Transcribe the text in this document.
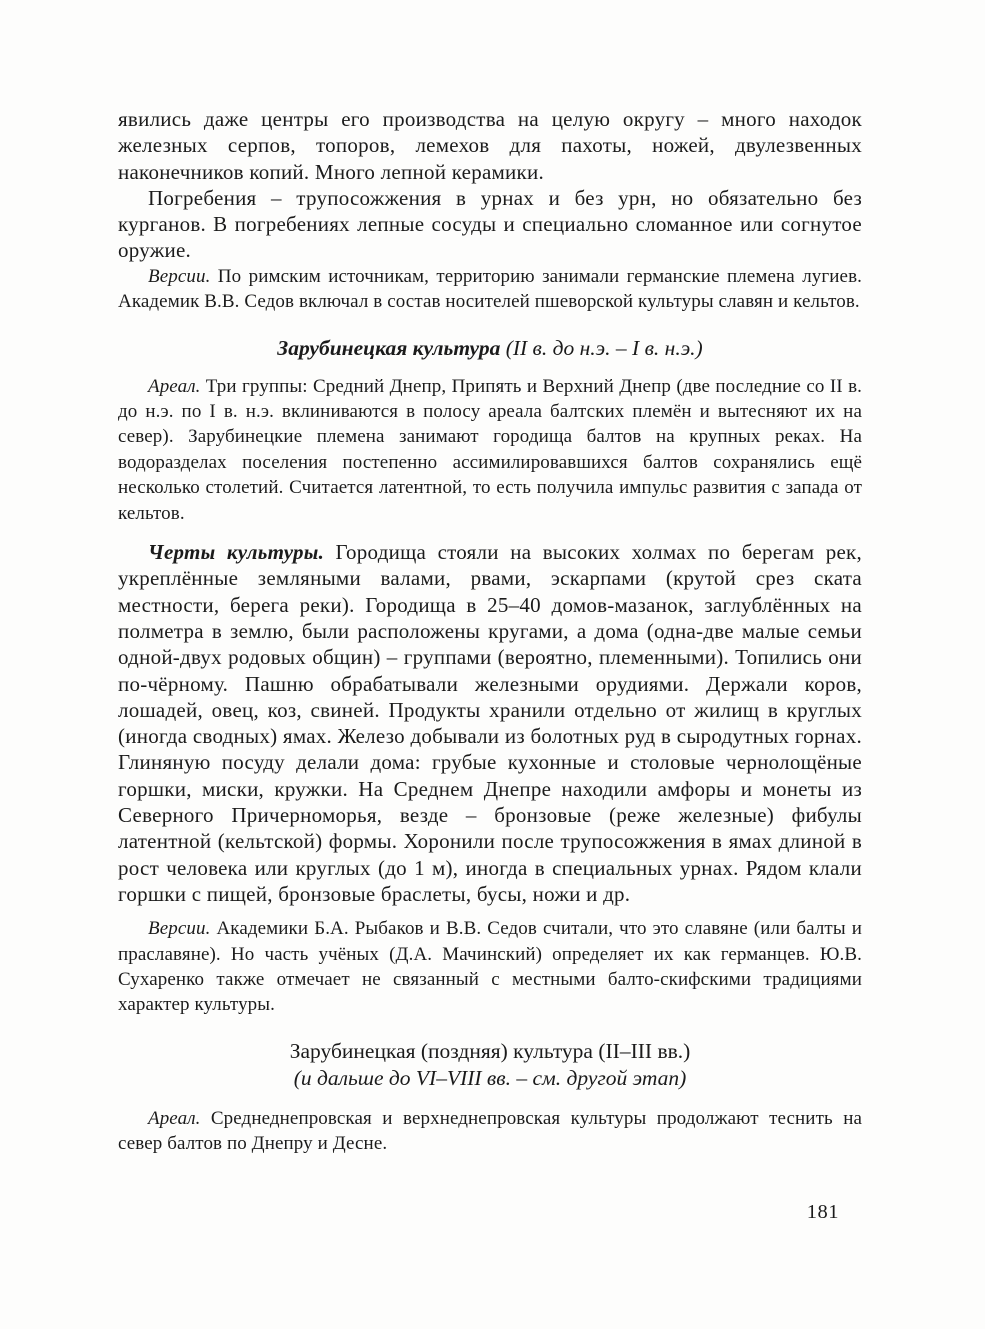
явились даже центры его производства на целую округу – много находок железных серпов, топоров, лемехов для пахоты, ножей, двулезвенных наконечников копий. Много лепной керамики.

Погребения – трупосожжения в урнах и без урн, но обязательно без курганов. В погребениях лепные сосуды и специально сломанное или согнутое оружие.

Версии. По римским источникам, территорию занимали германские племена лугиев. Академик В.В. Седов включал в состав носителей пшеворской культуры славян и кельтов.

Зарубинецкая культура (II в. до н.э. – I в. н.э.)

Ареал. Три группы: Средний Днепр, Припять и Верхний Днепр (две последние со II в. до н.э. по I в. н.э. вклиниваются в полосу ареала балтских племён и вытесняют их на север). Зарубинецкие племена занимают городища балтов на крупных реках. На водоразделах поселения постепенно ассимилировавшихся балтов сохранялись ещё несколько столетий. Считается латентной, то есть получила импульс развития с запада от кельтов.

Черты культуры. Городища стояли на высоких холмах по берегам рек, укреплённые земляными валами, рвами, эскарпами (крутой срез ската местности, берега реки). Городища в 25–40 домов-мазанок, заглублённых на полметра в землю, были расположены кругами, а дома (одна-две малые семьи одной-двух родовых общин) – группами (вероятно, племенными). Топились они по-чёрному. Пашню обрабатывали железными орудиями. Держали коров, лошадей, овец, коз, свиней. Продукты хранили отдельно от жилищ в круглых (иногда сводных) ямах. Железо добывали из болотных руд в сыродутных горнах. Глиняную посуду делали дома: грубые кухонные и столовые чернолощёные горшки, миски, кружки. На Среднем Днепре находили амфоры и монеты из Северного Причерноморья, везде – бронзовые (реже железные) фибулы латентной (кельтской) формы. Хоронили после трупосожжения в ямах длиной в рост человека или круглых (до 1 м), иногда в специальных урнах. Рядом клали горшки с пищей, бронзовые браслеты, бусы, ножи и др.

Версии. Академики Б.А. Рыбаков и В.В. Седов считали, что это славяне (или балты и праславяне). Но часть учёных (Д.А. Мачинский) определяет их как германцев. Ю.В. Сухаренко также отмечает не связанный с местными балто-скифскими традициями характер культуры.

Зарубинецкая (поздняя) культура (II–III вв.)
(и дальше до VI–VIII вв. – см. другой этап)

Ареал. Среднеднепровская и верхнеднепровская культуры продолжают теснить на север балтов по Днепру и Десне.

181
